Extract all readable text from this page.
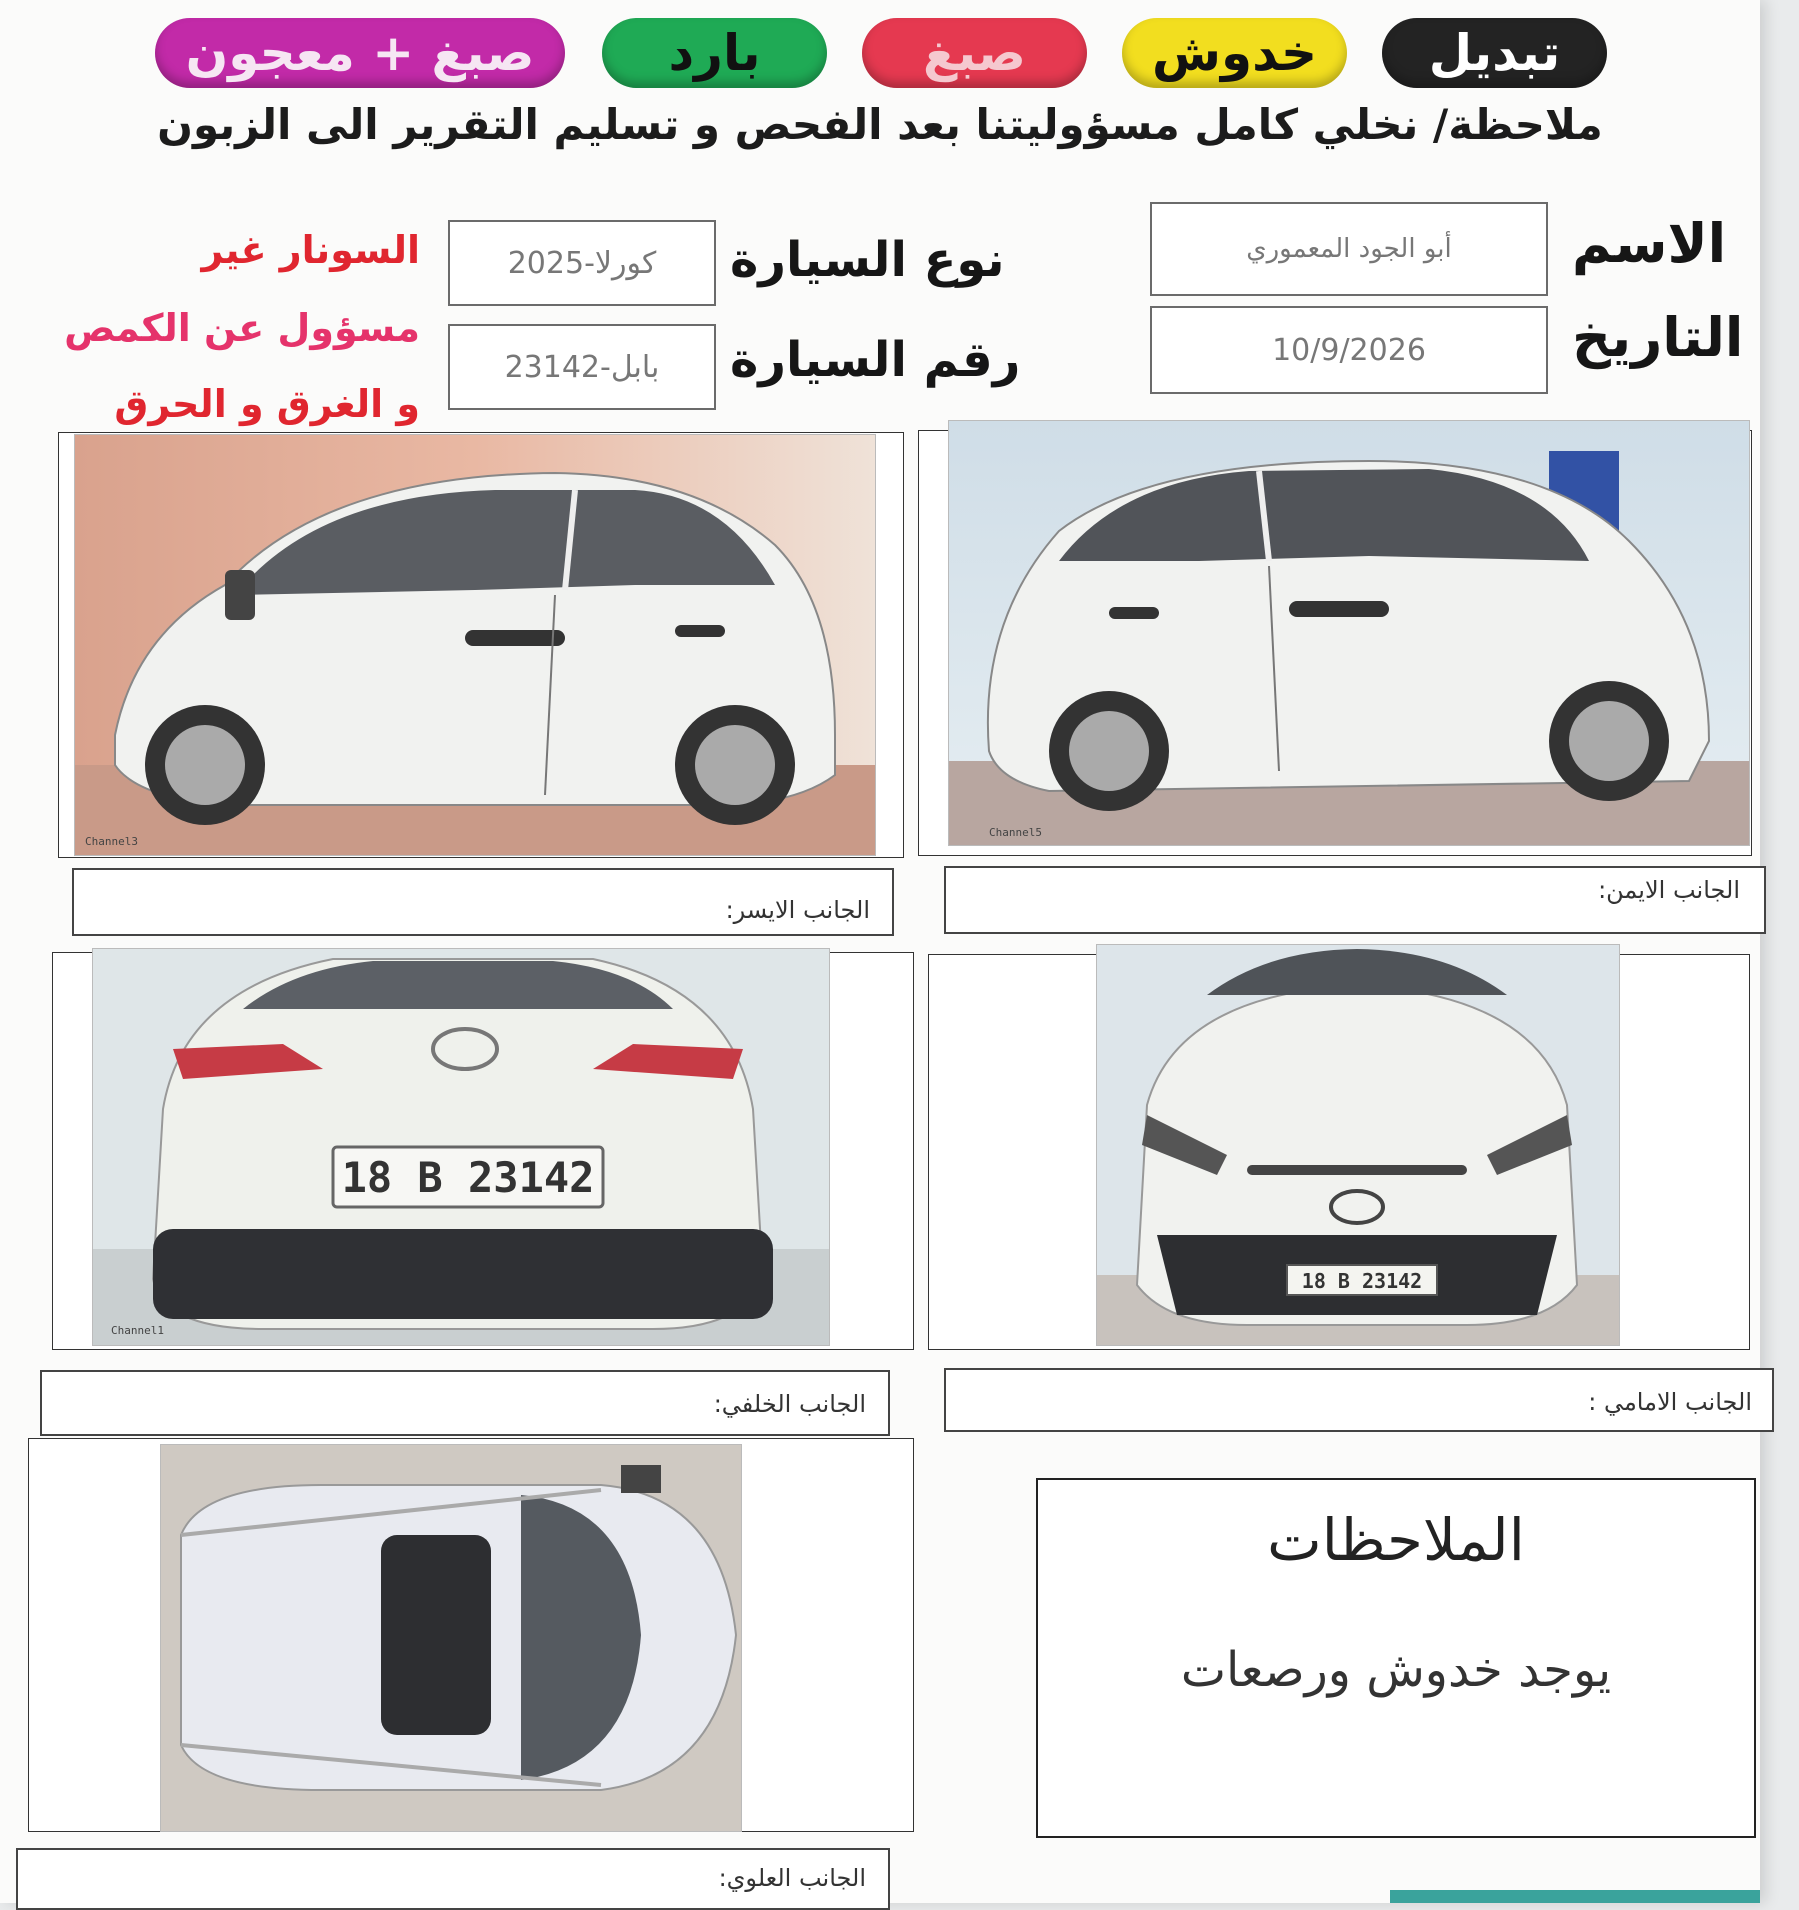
صبغ + معجون	بارد	صبغ	خدوش تبديل
ملاحظة/ نخلي كامل مسؤوليتنا بعد الفحص و تسليم التقرير الى الزبون
الاسم
أبو الجود المعموري
التاريخ
10/9/2026
نوع السيارة
كورلا-2025
رقم السيارة
بابل-23142
السونار غير
مسؤول عن الكمص
و الغرق و الحرق
Channel3
Channel5
الجانب الايسر:
الجانب الايمن:
18 B 23142
Channel1
18 B 23142
الجانب الخلفي:	الجانب الامامي :
الجانب العلوي:
الملاحظات
يوجد خدوش ورصعات
